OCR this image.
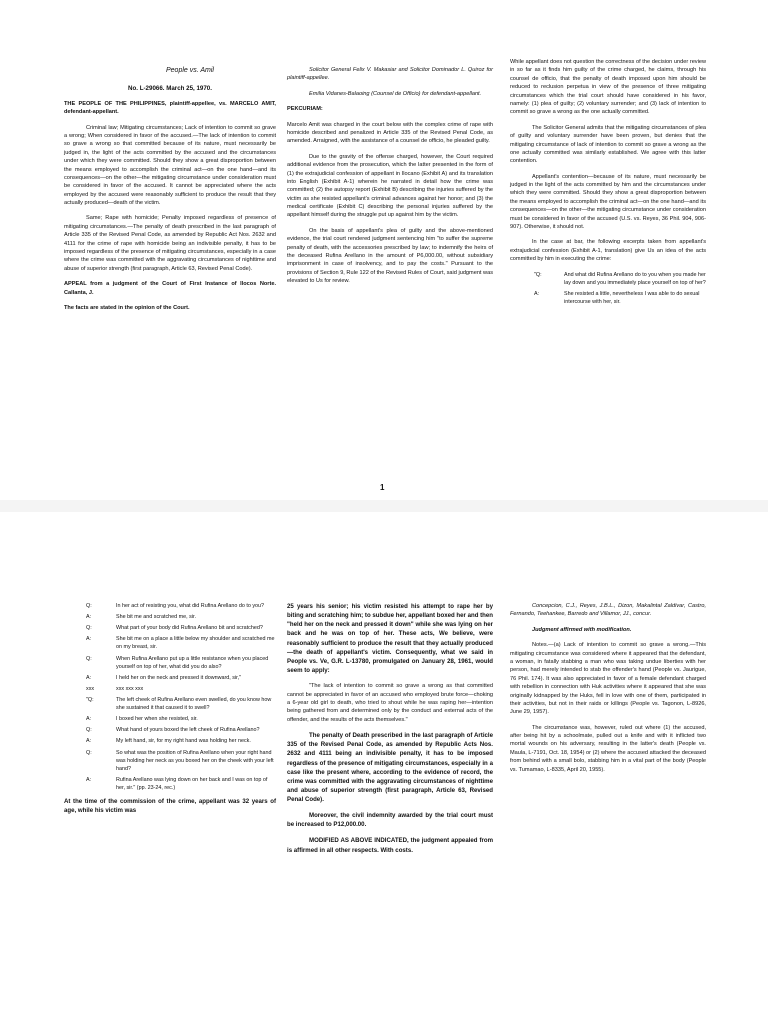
People vs. Amil

No. L-29066. March 25, 1970.

THE PEOPLE OF THE PHILIPPINES, plaintiff-appellee, vs. MARCELO AMIT, defendant-appellant.

Criminal law; Mitigating circumstances; Lack of intention to commit so grave a wrong; When considered in favor of the accused.—The lack of intention to commit so grave a wrong so that committed because of its nature, must necessarily be judged in, the light of the acts committed by the accused and the circumstances under which they were committed. Should they show a great disproportion between the means employed to accomplish the criminal act—on the one hand—and its consequences—on the other—the mitigating circumstance under consideration must be considered in favor of the accused. It cannot be appreciated where the acts employed by the accused were reasonably sufficient to produce the result that they actually produced—death of the victim.

Same; Rape with homicide; Penalty imposed regardless of presence of mitigating circumstances.—The penalty of death prescribed in the last paragraph of Article 335 of the Revised Penal Code, as amended by Republic Act Nos. 2632 and 4111 for the crime of rape with homicide being an indivisible penalty, it has to be imposed regardless of the presence of mitigating circumstances, especially in a case where the crime was committed with the aggravating circumstances of nighttime and abuse of superior strength (first paragraph, Article 63, Revised Penal Code).

APPEAL from a judgment of the Court of First Instance of Ilocos Norte. Callanta, J.

The facts are stated in the opinion of the Court.

Solicitor General Felix V. Makasiar and Solicitor Dominador L. Quiroz for plaintiff-appellee.

Emilia Vidanes-Balaoing (Counsel de Officio) for defendant-appellant.

PEKCURIAM:

Marcelo Amit was charged in the court below with the complex crime of rape with homicide described and penalized in Article 335 of the Revised Penal Code, as amended. Arraigned, with the assistance of a counsel de officio, he pleaded guilty.

Due to the gravity of the offense charged, however, the Court required additional evidence from the prosecution, which the latter presented in the form of (1) the extrajudicial confession of appellant in Ilocano (Exhibit A) and its translation into English (Exhibit A-1) wherein he narrated in detail how the crime was committed; (2) the autopsy report (Exhibit B) describing the injuries suffered by the victim as she resisted appellant's criminal advances against her honor; and (3) the medical certificate (Exhibit C) describing the personal injuries suffered by the appellant himself during the struggle put up against him by the victim.

On the basis of appellant's plea of guilty and the above-mentioned evidence, the trial court rendered judgment sentencing him "to suffer the supreme penalty of death, with the accessories prescribed by law; to indemnify the heirs of the deceased Rufina Arellano in the amount of P6,000.00, without subsidiary imprisonment in case of insolvency, and to pay the costs." Pursuant to the provisions of Section 9, Rule 122 of the Revised Rules of Court, said judgment was elevated to Us for review.

While appellant does not question the correctness of the decision under review in so far as it finds him guilty of the crime charged, he claims, through his counsel de officio, that the penalty of death imposed upon him should be reduced to reclusion perpetua in view of the presence of three mitigating circumstances which the trial court should have considered in his favor, namely: (1) plea of guilty; (2) voluntary surrender; and (3) lack of intention to commit so grave a wrong as the one actually committed.

The Solicitor General admits that the mitigating circumstances of plea of guilty and voluntary surrender have been proven, but denies that the mitigating circumstance of lack of intention to commit so grave a wrong as the one actually committed was similarly established. We agree with this latter contention.

Appellant's contention—because of its nature, must necessarily be judged in the light of the acts committed by him and the circumstances under which they were committed. Should they show a great disproportion between the means employed to accomplish the criminal act—on the one hand—and its consequences—on the other—the mitigating circumstance under consideration must be considered in favor of the accused (U.S. vs. Reyes, 36 Phil. 904, 906-907). Otherwise, it should not.

In the case at bar, the following excerpts taken from appellant's extrajudicial confession (Exhibit A-1, translation) give Us an idea of the acts committed by him in executing the crime:

"Q:	And what did Rufina Arellano do to you when you made her lay down and you immediately place yourself on top of her?
A:	She resisted a little, nevertheless I was able to do sexual intercourse with her, sir.
1
Q:	In her act of resisting you, what did Rufina Arellano do to you?
A:	She bit me and scratched me, sir.
Q:	What part of your body did Rufina Arellano bit and scratched?
A:	She bit me on a place a little below my shoulder and scratched me on my breast, sir.
Q:	When Rufina Arellano put up a little resistance when you placed yourself on top of her, what did you do also?
A:	I held her on the neck and pressed it downward, sir,"
xxx	xxx xxx xxx
"Q:	The left cheek of Rufina Arellano even swelled, do you know how she sustained it that caused it to swell?
A:	I boxed her when she resisted, sir.
Q:	What hand of yours boxed the left cheek of Rufina Arellano?
A:	My left hand, sir, for my right hand was holding her neck.
Q:	So what was the position of Rufina Arellano when your right hand was holding her neck as you boxed her on the cheek with your left hand?
A:	Rufina Arellano was lying down on her back and I was on top of her, sir." (pp. 23-24, rec.)

At the time of the commission of the crime, appellant was 32 years of age, while his victim was

25 years his senior; his victim resisted his attempt to rape her by biting and scratching him; to subdue her, appellant boxed her and then "held her on the neck and pressed it down" while she was lying on her back and he was on top of her. These acts, We believe, were reasonably sufficient to produce the result that they actually produced—the death of appellant's victim. Consequently, what we said in People vs. Ve, G.R. L-13780, promulgated on January 28, 1961, would seem to apply:

"The lack of intention to commit so grave a wrong as that committed cannot be appreciated in favor of an accused who employed brute force—choking a 6-year old girl to death, who tried to shout while he was raping her—intention being gathered from and determined only by the conduct and external acts of the offender, and the results of the acts themselves."

The penalty of Death prescribed in the last paragraph of Article 335 of the Revised Penal Code, as amended by Republic Acts Nos. 2632 and 4111 being an indivisible penalty, it has to be imposed regardless of the presence of mitigating circumstances, especially in a case like the present where, according to the evidence of record, the crime was committed with the aggravating circumstances of nighttime and abuse of superior strength (first paragraph, Article 63, Revised Penal Code).

Moreover, the civil indemnity awarded by the trial court must be increased to P12,000.00.

MODIFIED AS ABOVE INDICATED, the judgment appealed from is affirmed in all other respects. With costs.

Concepcion, C.J., Reyes, J.B.L., Dizon, Makalintal Zaldivar, Castro, Fernando, Teehankee, Barredo and Villamor, JJ., concur.

Judgment affirmed with modification.

Notes.—(a) Lack of intention to commit so grave a wrong.—This mitigating circumstance was considered where it appeared that the defendant, a woman, in fatally stabbing a man who was taking undue liberties with her person, had merely intended to stab the offender's hand (People vs. Jaurigue, 76 Phil. 174). It was also appreciated in favor of a female defendant charged with rebellion in connection with Huk activities where it appeared that she was originally kidnapped by the Huks, fell in love with one of them, participated in their activities, but not in their raids or killings (People vs. Tagonon, L-8926, June 29, 1957).

The circumstance was, however, ruled out where (1) the accused, after being hit by a schoolmate, pulled out a knife and with it inflicted two mortal wounds on his adversary, resulting in the latter's death (People vs. Maula, L-7191, Oct. 18, 1954) or (2) where the accused attacked the deceased from behind with a small bolo, stabbing him in a vital part of the body (People vs. Tumamao, L-8335, April 20, 1955).
